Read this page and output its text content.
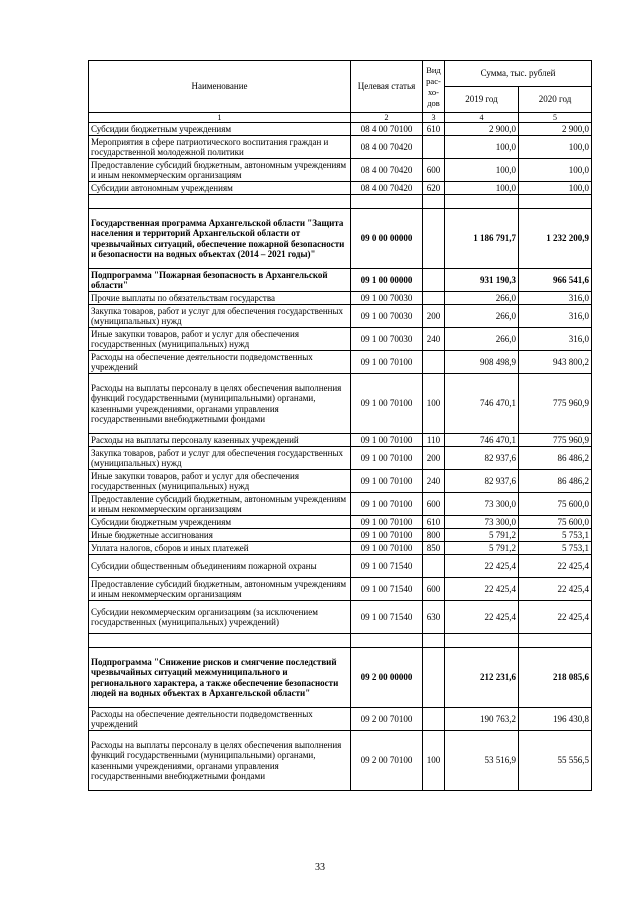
Наименование	Целевая статья	Вид рас-хо-дов	Сумма, тыс. рублей	
			2019 год	2020 год
1	2	3	4	5
Субсидии бюджетным учреждениям	08 4 00 70100	610	2 900,0	2 900,0
Мероприятия в сфере патриотического воспитания граждан и государственной молодежной политики	08 4 00 70420		100,0	100,0
Предоставление субсидий бюджетным, автономным учреждениям и иным некоммерческим организациям	08 4 00 70420	600	100,0	100,0
Субсидии автономным учреждениям	08 4 00 70420	620	100,0	100,0

Государственная программа Архангельской области "Защита населения и территорий Архангельской области от чрезвычайных ситуаций, обеспечение пожарной безопасности и безопасности на водных объектах (2014 – 2021 годы)"	09 0 00 00000		1 186 791,7	1 232 200,9
Подпрограмма "Пожарная безопасность в Архангельской области"	09 1 00 00000		931 190,3	966 541,6
Прочие выплаты по обязательствам государства	09 1 00 70030		266,0	316,0
Закупка товаров, работ и услуг для обеспечения государственных (муниципальных) нужд	09 1 00 70030	200	266,0	316,0
Иные закупки товаров, работ и услуг для обеспечения государственных (муниципальных) нужд	09 1 00 70030	240	266,0	316,0
Расходы на обеспечение деятельности подведомственных учреждений	09 1 00 70100		908 498,9	943 800,2
Расходы на выплаты персоналу в целях обеспечения выполнения функций государственными (муниципальными) органами, казенными учреждениями, органами управления государственными внебюджетными фондами	09 1 00 70100	100	746 470,1	775 960,9
Расходы на выплаты персоналу казенных учреждений	09 1 00 70100	110	746 470,1	775 960,9
Закупка товаров, работ и услуг для обеспечения государственных (муниципальных) нужд	09 1 00 70100	200	82 937,6	86 486,2
Иные закупки товаров, работ и услуг для обеспечения государственных (муниципальных) нужд	09 1 00 70100	240	82 937,6	86 486,2
Предоставление субсидий бюджетным, автономным учреждениям и иным некоммерческим организациям	09 1 00 70100	600	73 300,0	75 600,0
Субсидии бюджетным учреждениям	09 1 00 70100	610	73 300,0	75 600,0
Иные бюджетные ассигнования	09 1 00 70100	800	5 791,2	5 753,1
Уплата налогов, сборов и иных платежей	09 1 00 70100	850	5 791,2	5 753,1
Субсидии общественным объединениям пожарной охраны	09 1 00 71540		22 425,4	22 425,4
Предоставление субсидий бюджетным, автономным учреждениям и иным некоммерческим организациям	09 1 00 71540	600	22 425,4	22 425,4
Субсидии некоммерческим организациям (за исключением государственных (муниципальных) учреждений)	09 1 00 71540	630	22 425,4	22 425,4

Подпрограмма "Снижение рисков и смягчение последствий чрезвычайных ситуаций межмуниципального и регионального характера, а также обеспечение безопасности людей на водных объектах в Архангельской области"	09 2 00 00000		212 231,6	218 085,6
Расходы на обеспечение деятельности подведомственных учреждений	09 2 00 70100		190 763,2	196 430,8
Расходы на выплаты персоналу в целях обеспечения выполнения функций государственными (муниципальными) органами, казенными учреждениями, органами управления государственными внебюджетными фондами	09 2 00 70100	100	53 516,9	55 556,5
33
